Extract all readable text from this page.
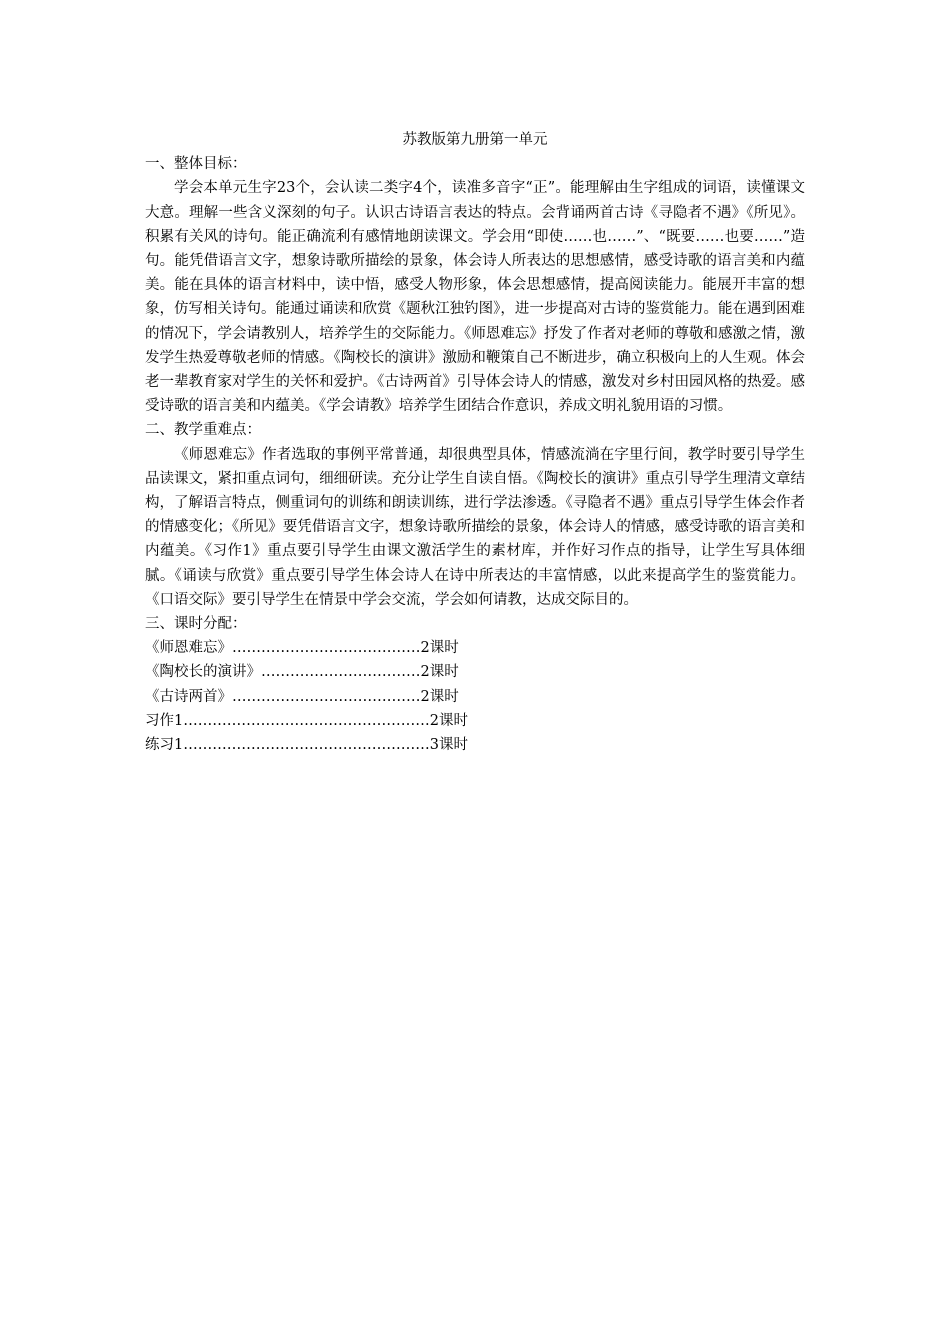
苏教版第九册第一单元

一、整体目标：

学会本单元生字23个，会认读二类字4个，读准多音字“正”。能理解由生字组成的词语，读懂课文大意。理解一些含义深刻的句子。认识古诗语言表达的特点。会背诵两首古诗《寻隐者不遇》《所见》。积累有关风的诗句。能正确流利有感情地朗读课文。学会用“即使……也……”、“既要……也要……”造句。能凭借语言文字，想象诗歌所描绘的景象，体会诗人所表达的思想感情，感受诗歌的语言美和内蕴美。能在具体的语言材料中，读中悟，感受人物形象，体会思想感情，提高阅读能力。能展开丰富的想象，仿写相关诗句。能通过诵读和欣赏《题秋江独钓图》，进一步提高对古诗的鉴赏能力。能在遇到困难的情况下，学会请教别人，培养学生的交际能力。《师恩难忘》抒发了作者对老师的尊敬和感激之情，激发学生热爱尊敬老师的情感。《陶校长的演讲》激励和鞭策自己不断进步，确立积极向上的人生观。体会老一辈教育家对学生的关怀和爱护。《古诗两首》引导体会诗人的情感，激发对乡村田园风格的热爱。感受诗歌的语言美和内蕴美。《学会请教》培养学生团结合作意识，养成文明礼貌用语的习惯。

二、教学重难点：

《师恩难忘》作者选取的事例平常普通，却很典型具体，情感流淌在字里行间，教学时要引导学生品读课文，紧扣重点词句，细细研读。充分让学生自读自悟。《陶校长的演讲》重点引导学生理清文章结构，了解语言特点，侧重词句的训练和朗读训练，进行学法渗透。《寻隐者不遇》重点引导学生体会作者的情感变化；《所见》要凭借语言文字，想象诗歌所描绘的景象，体会诗人的情感，感受诗歌的语言美和内蕴美。《习作1》重点要引导学生由课文激活学生的素材库，并作好习作点的指导，让学生写具体细腻。《诵读与欣赏》重点要引导学生体会诗人在诗中所表达的丰富情感，以此来提高学生的鉴赏能力。《口语交际》要引导学生在情景中学会交流，学会如何请教，达成交际目的。

三、课时分配：

《师恩难忘》…………………………………2课时
《陶校长的演讲》……………………………2课时
《古诗两首》…………………………………2课时
习作1……………………………………………2课时
练习1……………………………………………3课时
